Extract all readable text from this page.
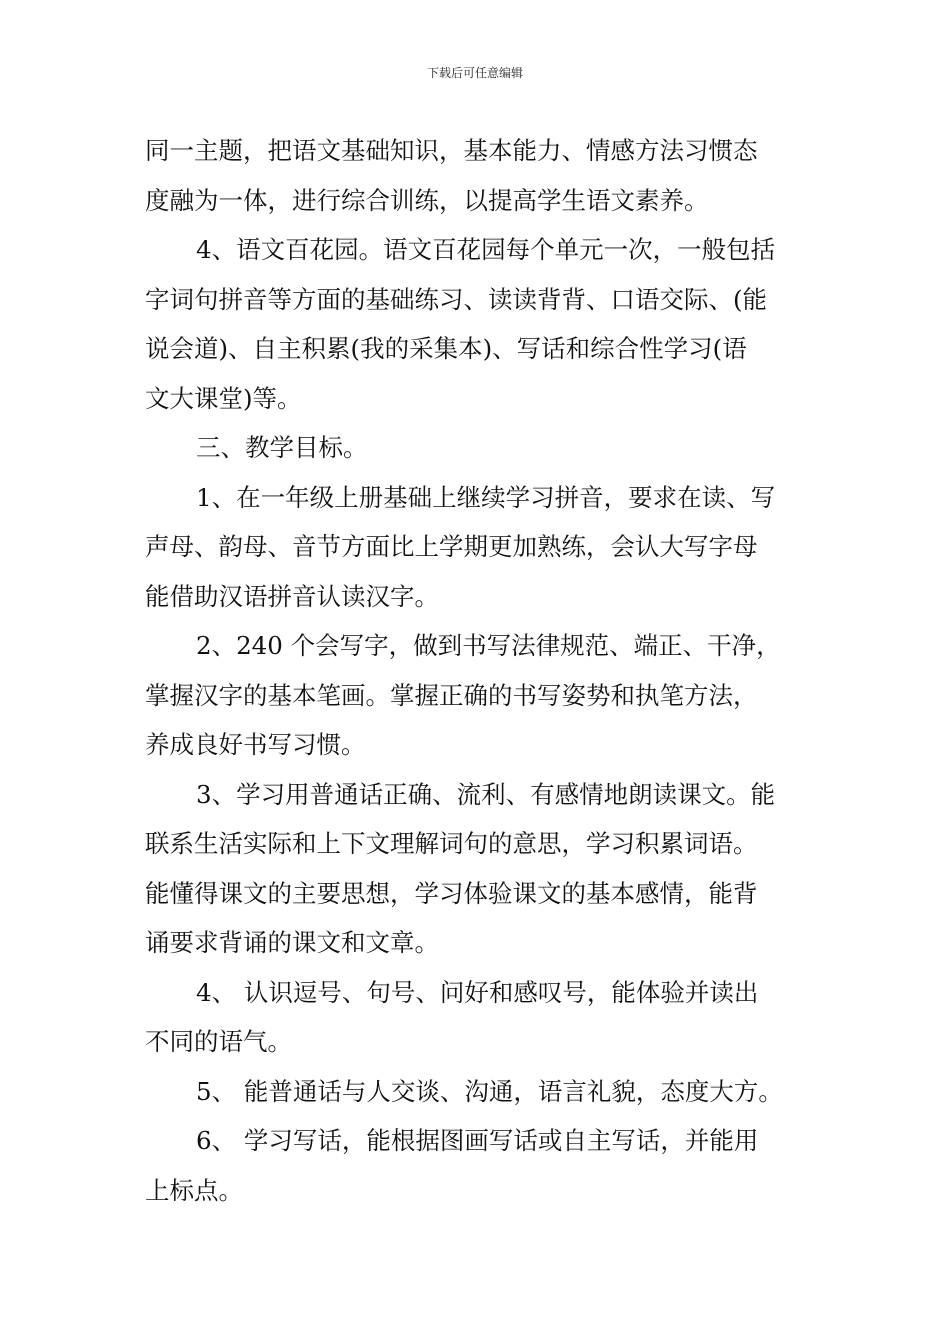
下载后可任意编辑
同一主题，把语文基础知识，基本能力、情感方法习惯态
度融为一体，进行综合训练，以提高学生语文素养。
4、语文百花园。语文百花园每个单元一次，一般包括
字词句拼音等方面的基础练习、读读背背、口语交际、(能
说会道)、自主积累(我的采集本)、写话和综合性学习(语
文大课堂)等。
三、教学目标。
1、在一年级上册基础上继续学习拼音，要求在读、写
声母、韵母、音节方面比上学期更加熟练，会认大写字母
能借助汉语拼音认读汉字。
2、240 个会写字，做到书写法律规范、端正、干净，
掌握汉字的基本笔画。掌握正确的书写姿势和执笔方法，
养成良好书写习惯。
3、学习用普通话正确、流利、有感情地朗读课文。能
联系生活实际和上下文理解词句的意思，学习积累词语。
能懂得课文的主要思想，学习体验课文的基本感情，能背
诵要求背诵的课文和文章。
4、 认识逗号、句号、问好和感叹号，能体验并读出
不同的语气。
5、 能普通话与人交谈、沟通，语言礼貌，态度大方。
6、 学习写话，能根据图画写话或自主写话，并能用
上标点。
